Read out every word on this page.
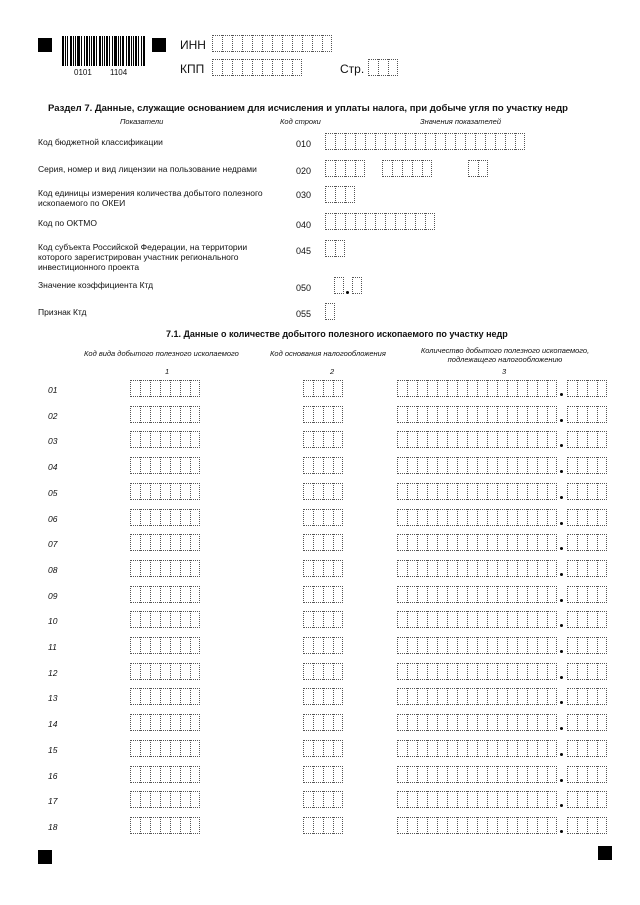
0101 1104
ИНН
КПП	Стр.
Раздел 7. Данные, служащие основанием для исчисления и уплаты налога, при добыче угля по участку недр
Показатели	Код строки	Значения показателей
Код бюджетной классификации	010
Серия, номер и вид лицензии на пользование недрами	020
Код единицы измерения количества добытого полезного ископаемого по ОКЕИ
030
Код по ОКТМО	040
Код субъекта Российской Федерации, на территории которого зарегистрирован участник регионального инвестиционного проекта
045
Значение коэффициента Ктд	050
Признак Ктд	055
7.1. Данные о количестве добытого полезного ископаемого по участку недр
Код вида добытого полезного ископаемого	Код основания налогообложения	Количество добытого полезного ископаемого, подлежащего налогообложению
1	2	3
01
02
03
04
05
06
07
08
09
10
11
12
13
14
15
16
17
18
